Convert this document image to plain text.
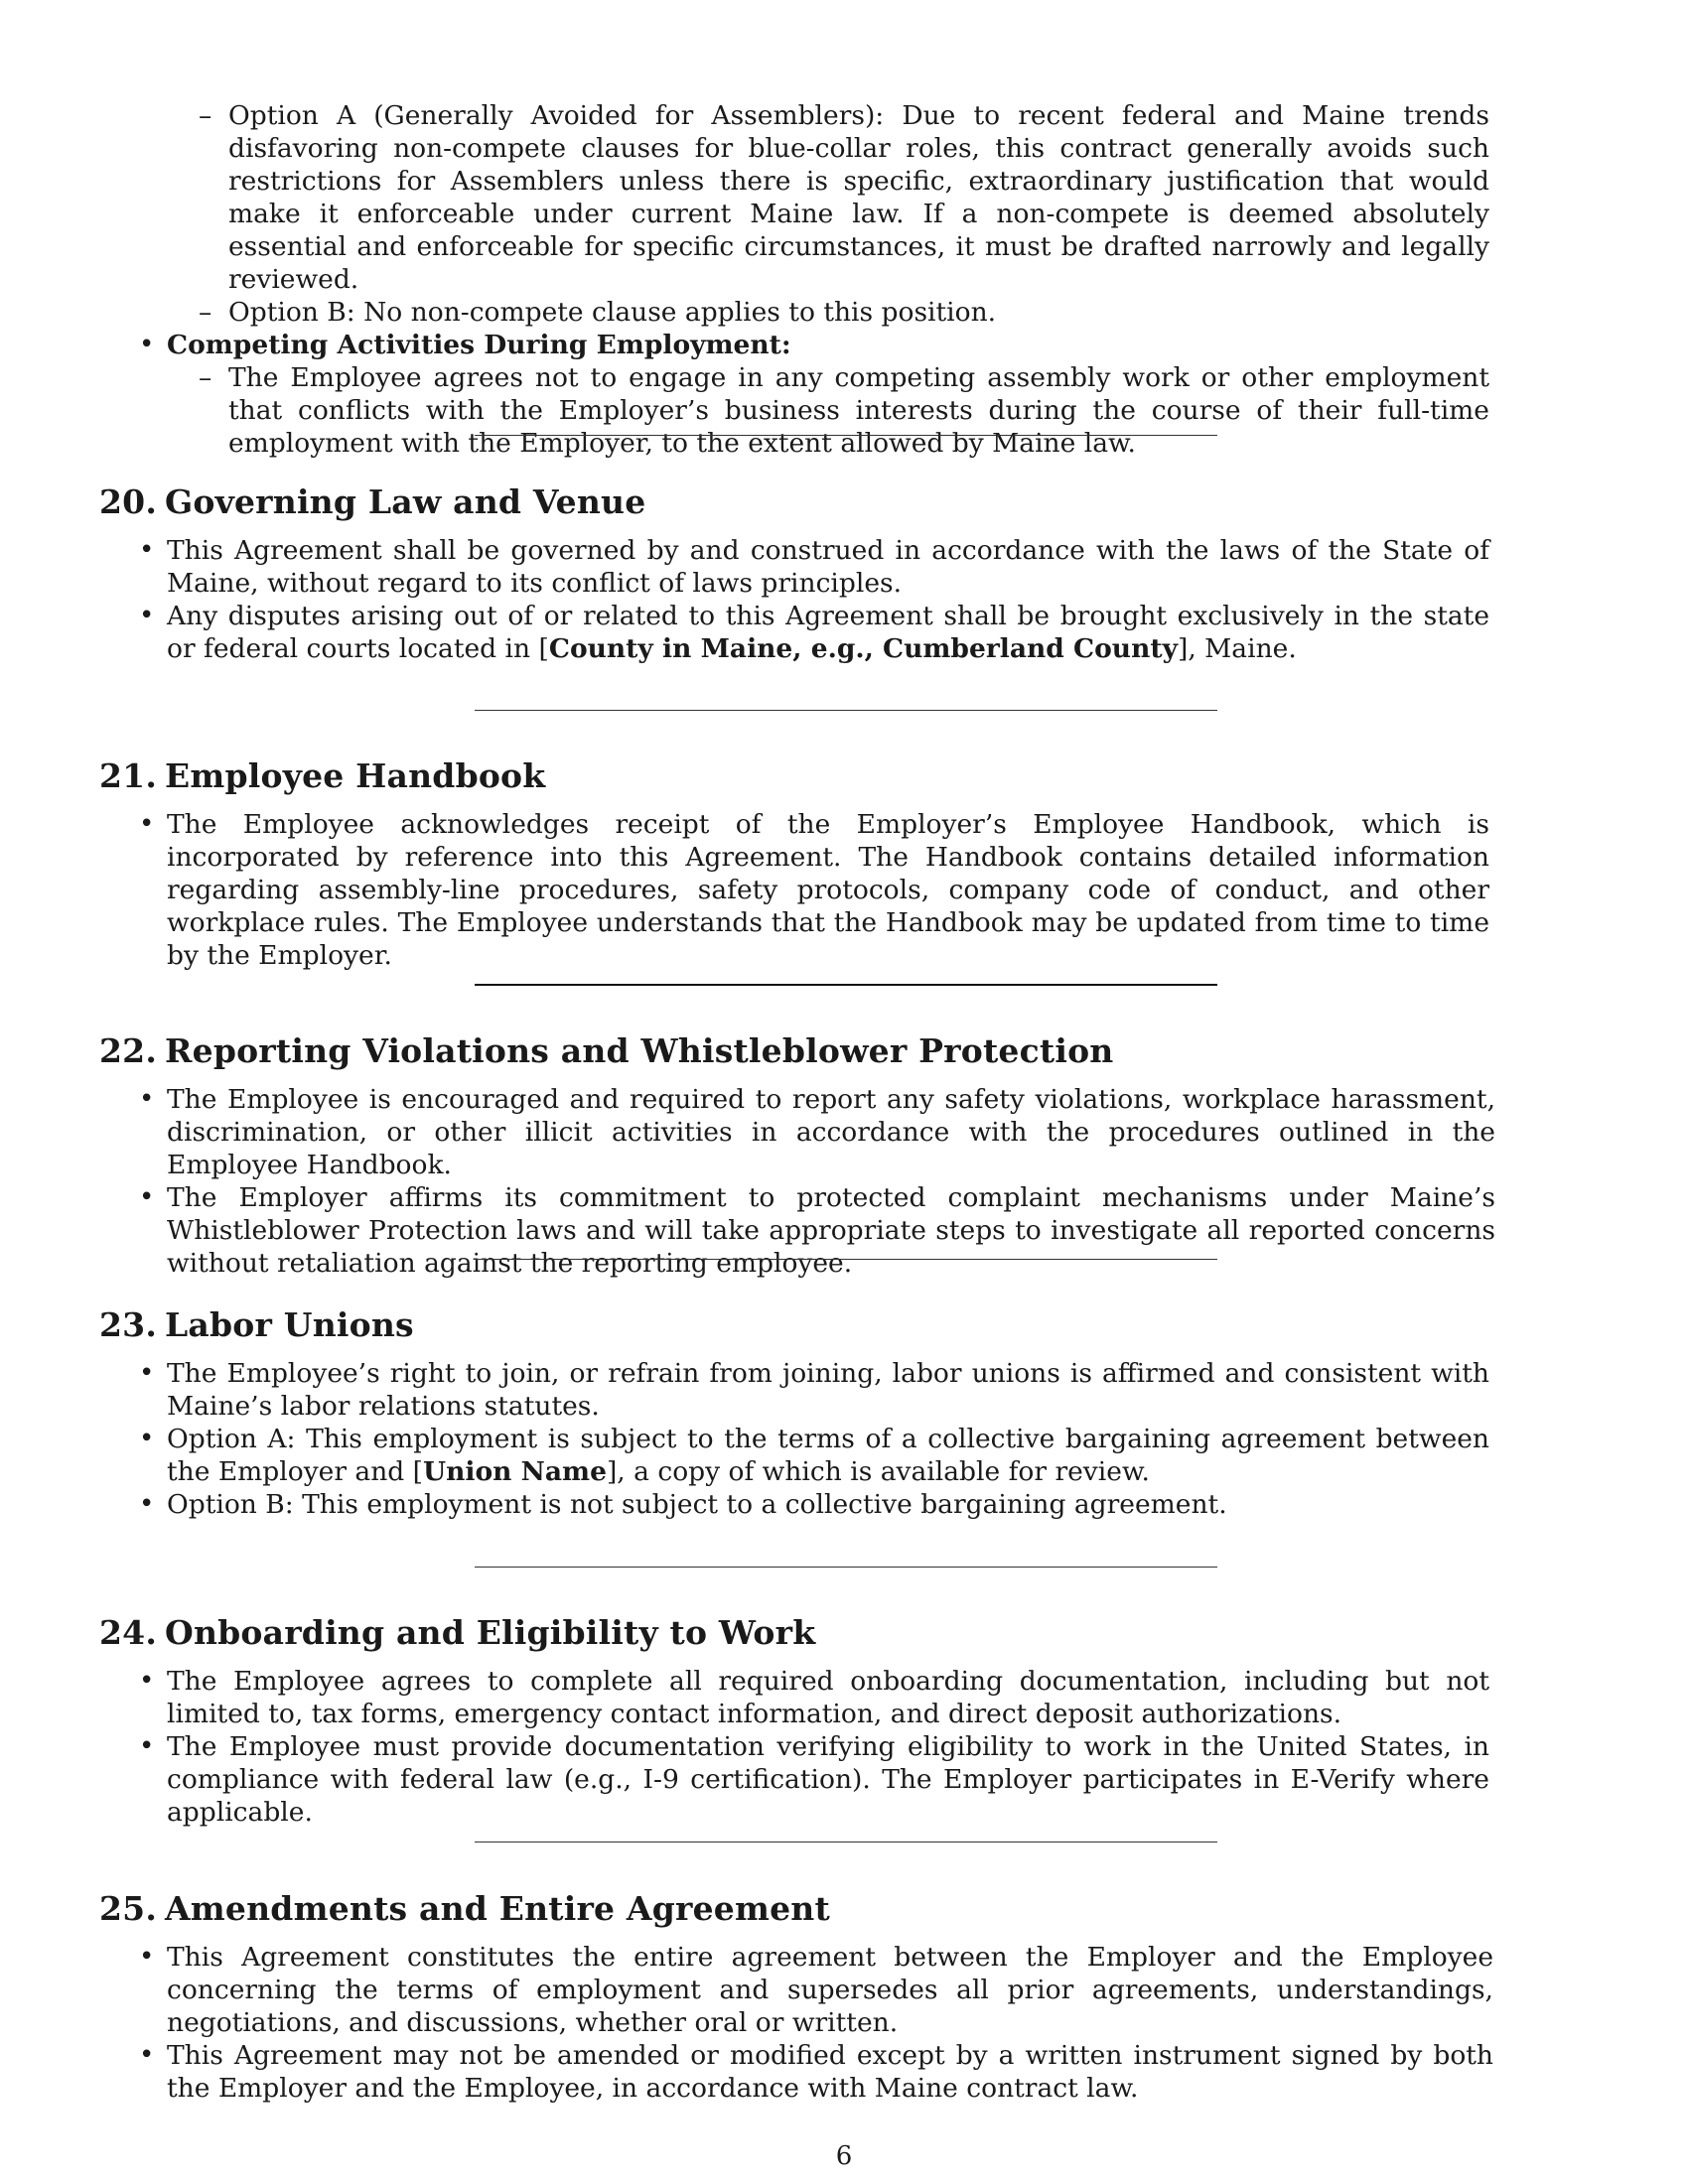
– Option A (Generally Avoided for Assemblers): Due to recent federal and Maine trends disfavoring non-compete clauses for blue-collar roles, this contract generally avoids such restrictions for Assemblers unless there is specific, extraordinary justification that would make it enforceable under current Maine law. If a non-compete is deemed absolutely essential and enforceable for specific circumstances, it must be drafted narrowly and legally reviewed.
– Option B: No non-compete clause applies to this position.
• Competing Activities During Employment:
– The Employee agrees not to engage in any competing assembly work or other employment that conflicts with the Employer’s business interests during the course of their full-time employment with the Employer, to the extent allowed by Maine law.
20. Governing Law and Venue
• This Agreement shall be governed by and construed in accordance with the laws of the State of Maine, without regard to its conflict of laws principles.
• Any disputes arising out of or related to this Agreement shall be brought exclusively in the state or federal courts located in [County in Maine, e.g., Cumberland County], Maine.
21. Employee Handbook
• The Employee acknowledges receipt of the Employer’s Employee Handbook, which is incorporated by reference into this Agreement. The Handbook contains detailed information regarding assembly-line procedures, safety protocols, company code of conduct, and other workplace rules. The Employee understands that the Handbook may be updated from time to time by the Employer.
22. Reporting Violations and Whistleblower Protection
• The Employee is encouraged and required to report any safety violations, workplace harassment, discrimination, or other illicit activities in accordance with the procedures outlined in the Employee Handbook.
• The Employer affirms its commitment to protected complaint mechanisms under Maine’s Whistleblower Protection laws and will take appropriate steps to investigate all reported concerns without retaliation against the reporting employee.
23. Labor Unions
• The Employee’s right to join, or refrain from joining, labor unions is affirmed and consistent with Maine’s labor relations statutes.
• Option A: This employment is subject to the terms of a collective bargaining agreement between the Employer and [Union Name], a copy of which is available for review.
• Option B: This employment is not subject to a collective bargaining agreement.
24. Onboarding and Eligibility to Work
• The Employee agrees to complete all required onboarding documentation, including but not limited to, tax forms, emergency contact information, and direct deposit authorizations.
• The Employee must provide documentation verifying eligibility to work in the United States, in compliance with federal law (e.g., I-9 certification). The Employer participates in E-Verify where applicable.
25. Amendments and Entire Agreement
• This Agreement constitutes the entire agreement between the Employer and the Employee concerning the terms of employment and supersedes all prior agreements, understandings, negotiations, and discussions, whether oral or written.
• This Agreement may not be amended or modified except by a written instrument signed by both the Employer and the Employee, in accordance with Maine contract law.
6
